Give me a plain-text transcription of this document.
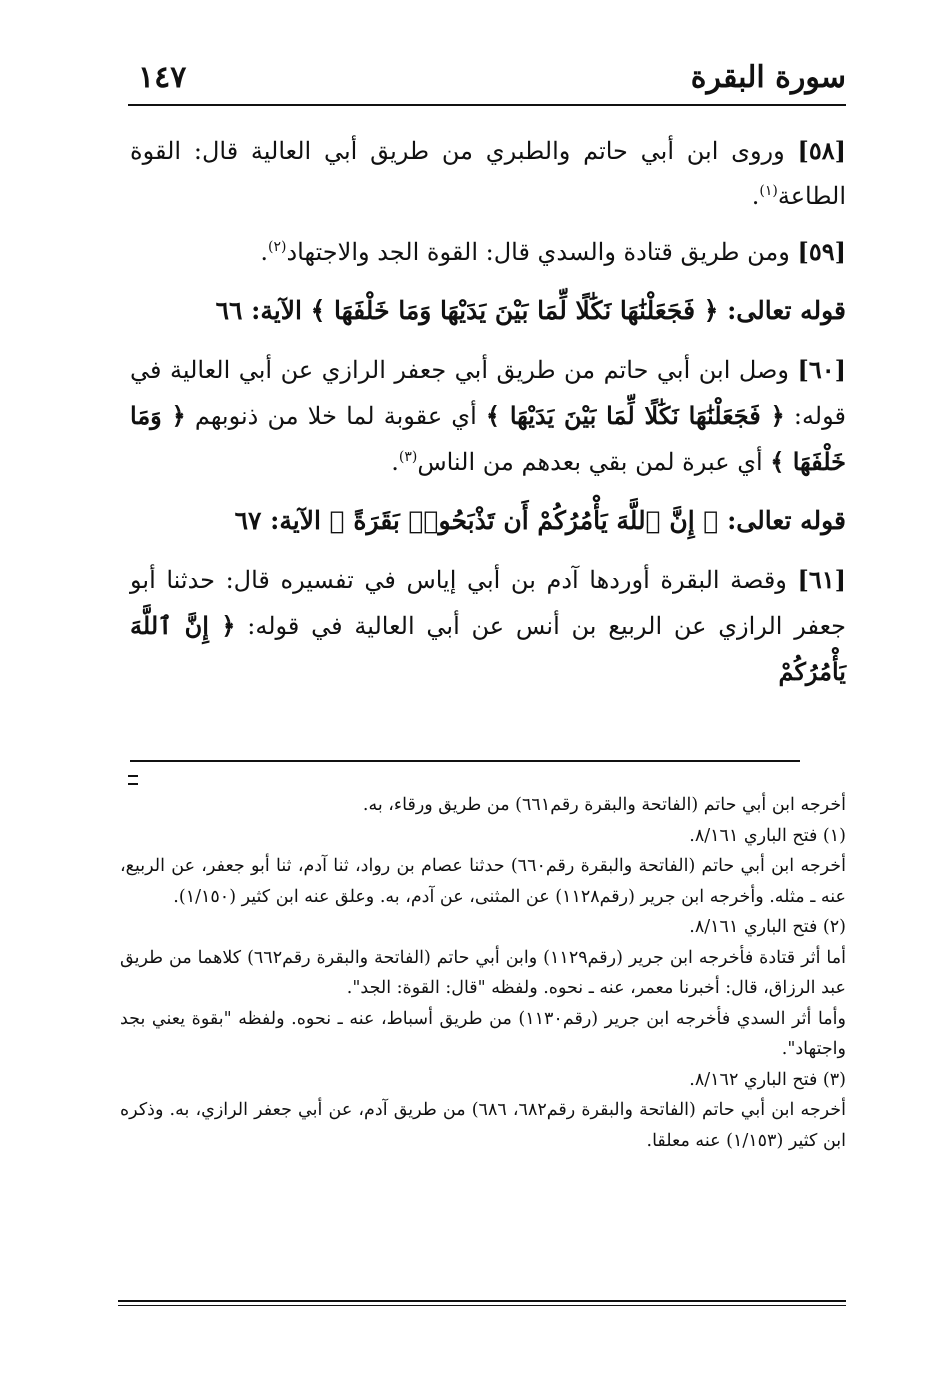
١٤٧	سورة البقرة

[٥٨] وروى ابن أبي حاتم والطبري من طريق أبي العالية قال: القوة الطاعة$^{(١)}$.

[٥٩] ومن طريق قتادة والسدي قال: القوة الجد والاجتهاد$^{(٢)}$.

قوله تعالى: ﴿ فَجَعَلْنَٰهَا نَكَٰلًا لِّمَا بَيْنَ يَدَيْهَا وَمَا خَلْفَهَا ﴾ الآية: ٦٦

[٦٠] وصل ابن أبي حاتم من طريق أبي جعفر الرازي عن أبي العالية في قوله: ﴿ فَجَعَلْنَٰهَا نَكَٰلًا لِّمَا بَيْنَ يَدَيْهَا ﴾ أي عقوبة لما خلا من ذنوبهم ﴿ وَمَا خَلْفَهَا ﴾ أي عبرة لمن بقي بعدهم من الناس$^{(٣)}$.

قوله تعالى: ﴿ إِنَّ ٱللَّهَ يَأْمُرُكُمْ أَن تَذْبَحُوا۟ بَقَرَةً ﴾ الآية: ٦٧

[٦١] وقصة البقرة أوردها آدم بن أبي إياس في تفسيره قال: حدثنا أبو جعفر الرازي عن الربيع بن أنس عن أبي العالية في قوله: ﴿ إِنَّ ٱللَّهَ يَأْمُرُكُمْ

أخرجه ابن أبي حاتم (الفاتحة والبقرة رقم٦٦١) من طريق ورقاء، به.

(١) فتح الباري ٨/١٦١.

أخرجه ابن أبي حاتم (الفاتحة والبقرة رقم٦٦٠) حدثنا عصام بن رواد، ثنا آدم، ثنا أبو جعفر، عن الربيع، عنه ـ مثله. وأخرجه ابن جرير (رقم١١٢٨) عن المثنى، عن آدم، به. وعلق عنه ابن كثير (١/١٥٠).

(٢) فتح الباري ٨/١٦١.

أما أثر قتادة فأخرجه ابن جرير (رقم١١٢٩) وابن أبي حاتم (الفاتحة والبقرة رقم٦٦٢) كلاهما من طريق عبد الرزاق، قال: أخبرنا معمر، عنه ـ نحوه. ولفظه "قال: القوة: الجد".

وأما أثر السدي فأخرجه ابن جرير (رقم١١٣٠) من طريق أسباط، عنه ـ نحوه. ولفظه "بقوة يعني بجد واجتهاد".

(٣) فتح الباري ٨/١٦٢.

أخرجه ابن أبي حاتم (الفاتحة والبقرة رقم٦٨٢، ٦٨٦) من طريق آدم، عن أبي جعفر الرازي، به. وذكره ابن كثير (١/١٥٣) عنه معلقا.
